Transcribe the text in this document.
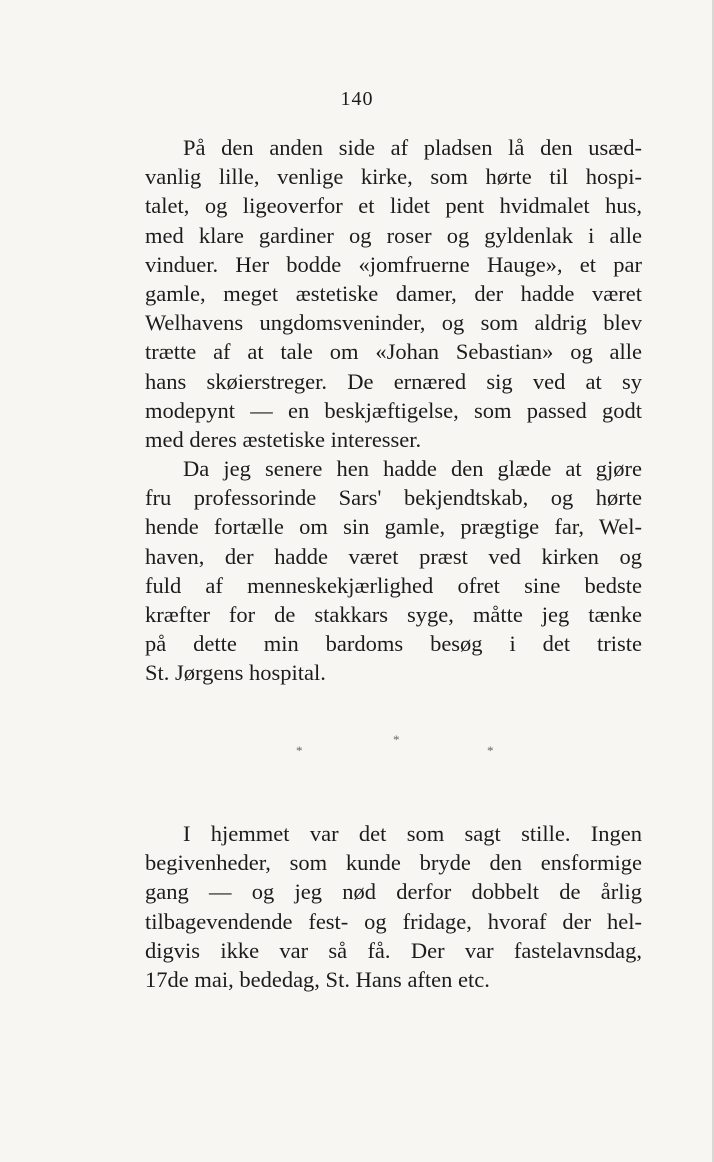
140
På den anden side af pladsen lå den usæd-
vanlig lille, venlige kirke, som hørte til hospi-
talet, og ligeoverfor et lidet pent hvidmalet hus,
med klare gardiner og roser og gyldenlak i alle
vinduer. Her bodde «jomfruerne Hauge», et par
gamle, meget æstetiske damer, der hadde været
Welhavens ungdomsveninder, og som aldrig blev
trætte af at tale om «Johan Sebastian» og alle
hans skøierstreger. De ernæred sig ved at sy
modepynt — en beskjæftigelse, som passed godt
med deres æstetiske interesser.
Da jeg senere hen hadde den glæde at gjøre
fru professorinde Sars' bekjendtskab, og hørte
hende fortælle om sin gamle, prægtige far, Wel-
haven, der hadde været præst ved kirken og
fuld af menneskekjærlighed ofret sine bedste
kræfter for de stakkars syge, måtte jeg tænke
på dette min bardoms besøg i det triste
St. Jørgens hospital.
*
*	*
I hjemmet var det som sagt stille. Ingen
begivenheder, som kunde bryde den ensformige
gang — og jeg nød derfor dobbelt de årlig
tilbagevendende fest- og fridage, hvoraf der hel-
digvis ikke var så få. Der var fastelavnsdag,
17de mai, bededag, St. Hans aften etc.
